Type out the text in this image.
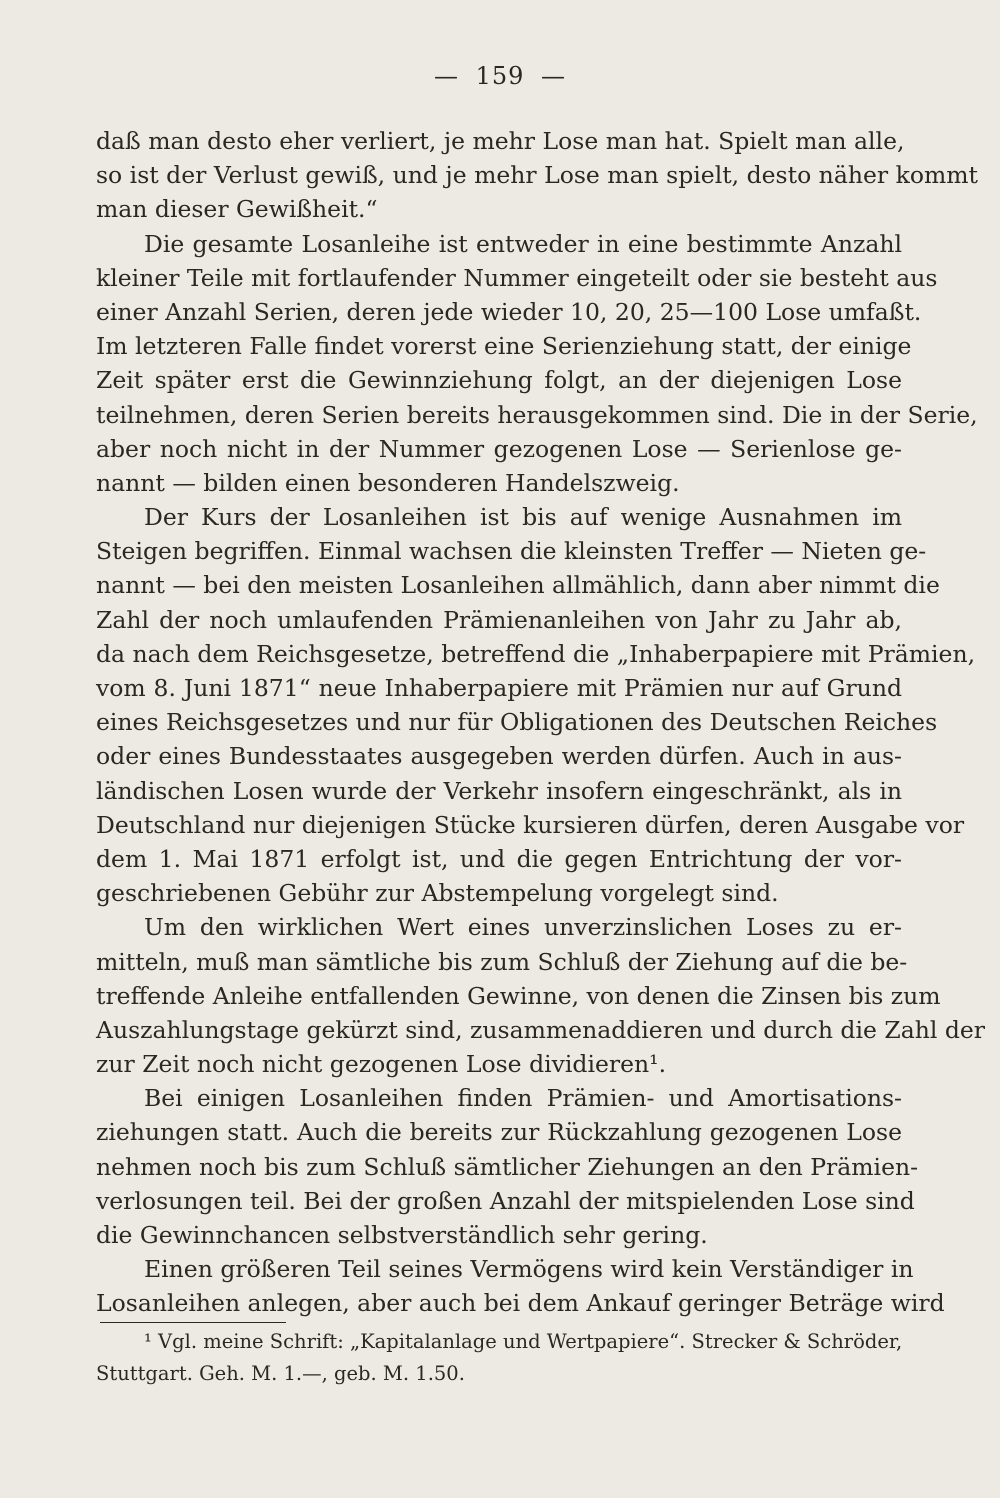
— 159 —
daß man desto eher verliert, je mehr Lose man hat. Spielt man alle,
so ist der Verlust gewiß, und je mehr Lose man spielt, desto näher kommt
man dieser Gewißheit.“
Die gesamte Losanleihe ist entweder in eine bestimmte Anzahl
kleiner Teile mit fortlaufender Nummer eingeteilt oder sie besteht aus
einer Anzahl Serien, deren jede wieder 10, 20, 25—100 Lose umfaßt.
Im letzteren Falle findet vorerst eine Serienziehung statt, der einige
Zeit später erst die Gewinnziehung folgt, an der diejenigen Lose
teilnehmen, deren Serien bereits herausgekommen sind. Die in der Serie,
aber noch nicht in der Nummer gezogenen Lose — Serienlose ge-
nannt — bilden einen besonderen Handelszweig.
Der Kurs der Losanleihen ist bis auf wenige Ausnahmen im
Steigen begriffen. Einmal wachsen die kleinsten Treffer — Nieten ge-
nannt — bei den meisten Losanleihen allmählich, dann aber nimmt die
Zahl der noch umlaufenden Prämienanleihen von Jahr zu Jahr ab,
da nach dem Reichsgesetze, betreffend die „Inhaberpapiere mit Prämien,
vom 8. Juni 1871“ neue Inhaberpapiere mit Prämien nur auf Grund
eines Reichsgesetzes und nur für Obligationen des Deutschen Reiches
oder eines Bundesstaates ausgegeben werden dürfen. Auch in aus-
ländischen Losen wurde der Verkehr insofern eingeschränkt, als in
Deutschland nur diejenigen Stücke kursieren dürfen, deren Ausgabe vor
dem 1. Mai 1871 erfolgt ist, und die gegen Entrichtung der vor-
geschriebenen Gebühr zur Abstempelung vorgelegt sind.
Um den wirklichen Wert eines unverzinslichen Loses zu er-
mitteln, muß man sämtliche bis zum Schluß der Ziehung auf die be-
treffende Anleihe entfallenden Gewinne, von denen die Zinsen bis zum
Auszahlungstage gekürzt sind, zusammenaddieren und durch die Zahl der
zur Zeit noch nicht gezogenen Lose dividieren¹.
Bei einigen Losanleihen finden Prämien- und Amortisations-
ziehungen statt. Auch die bereits zur Rückzahlung gezogenen Lose
nehmen noch bis zum Schluß sämtlicher Ziehungen an den Prämien-
verlosungen teil. Bei der großen Anzahl der mitspielenden Lose sind
die Gewinnchancen selbstverständlich sehr gering.
Einen größeren Teil seines Vermögens wird kein Verständiger in
Losanleihen anlegen, aber auch bei dem Ankauf geringer Beträge wird
¹ Vgl. meine Schrift: „Kapitalanlage und Wertpapiere“. Strecker & Schröder,
Stuttgart. Geh. M. 1.—, geb. M. 1.50.
